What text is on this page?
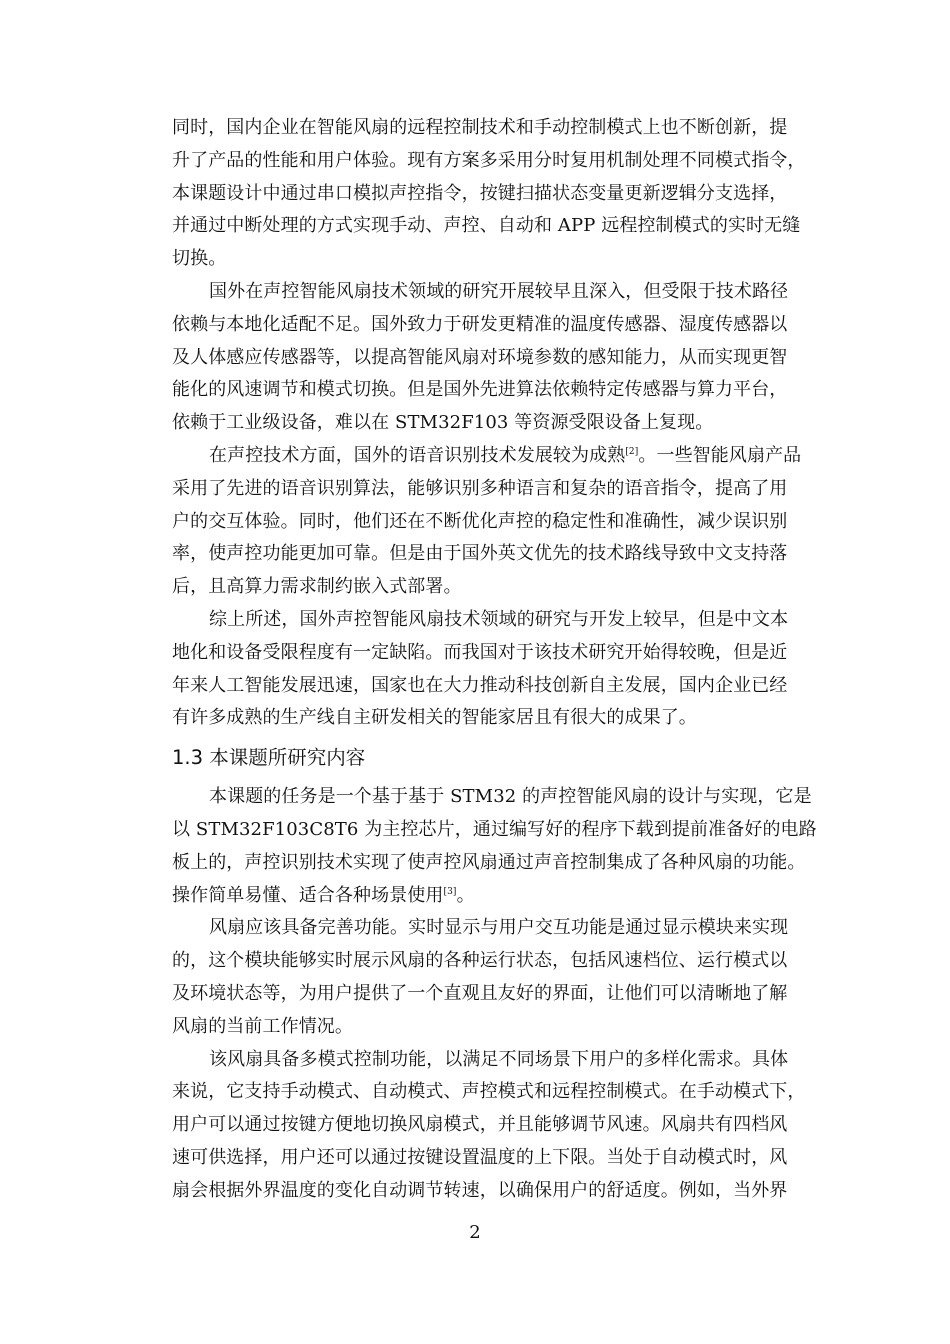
同时，国内企业在智能风扇的远程控制技术和手动控制模式上也不断创新，提
升了产品的性能和用户体验。现有方案多采用分时复用机制处理不同模式指令，
本课题设计中通过串口模拟声控指令，按键扫描状态变量更新逻辑分支选择，
并通过中断处理的方式实现手动、声控、自动和 APP 远程控制模式的实时无缝
切换。
国外在声控智能风扇技术领域的研究开展较早且深入，但受限于技术路径
依赖与本地化适配不足。国外致力于研发更精准的温度传感器、湿度传感器以
及人体感应传感器等，以提高智能风扇对环境参数的感知能力，从而实现更智
能化的风速调节和模式切换。但是国外先进算法依赖特定传感器与算力平台，
依赖于工业级设备，难以在 STM32F103 等资源受限设备上复现。
在声控技术方面，国外的语音识别技术发展较为成熟[2]。一些智能风扇产品
采用了先进的语音识别算法，能够识别多种语言和复杂的语音指令，提高了用
户的交互体验。同时，他们还在不断优化声控的稳定性和准确性，减少误识别
率，使声控功能更加可靠。但是由于国外英文优先的技术路线导致中文支持落
后，且高算力需求制约嵌入式部署。
综上所述，国外声控智能风扇技术领域的研究与开发上较早，但是中文本
地化和设备受限程度有一定缺陷。而我国对于该技术研究开始得较晚，但是近
年来人工智能发展迅速，国家也在大力推动科技创新自主发展，国内企业已经
有许多成熟的生产线自主研发相关的智能家居且有很大的成果了。
1.3 本课题所研究内容
本课题的任务是一个基于基于 STM32 的声控智能风扇的设计与实现，它是
以 STM32F103C8T6 为主控芯片，通过编写好的程序下载到提前准备好的电路
板上的，声控识别技术实现了使声控风扇通过声音控制集成了各种风扇的功能。
操作简单易懂、适合各种场景使用[3]。
风扇应该具备完善功能。实时显示与用户交互功能是通过显示模块来实现
的，这个模块能够实时展示风扇的各种运行状态，包括风速档位、运行模式以
及环境状态等，为用户提供了一个直观且友好的界面，让他们可以清晰地了解
风扇的当前工作情况。
该风扇具备多模式控制功能，以满足不同场景下用户的多样化需求。具体
来说，它支持手动模式、自动模式、声控模式和远程控制模式。在手动模式下，
用户可以通过按键方便地切换风扇模式，并且能够调节风速。风扇共有四档风
速可供选择，用户还可以通过按键设置温度的上下限。当处于自动模式时，风
扇会根据外界温度的变化自动调节转速，以确保用户的舒适度。例如，当外界
2
